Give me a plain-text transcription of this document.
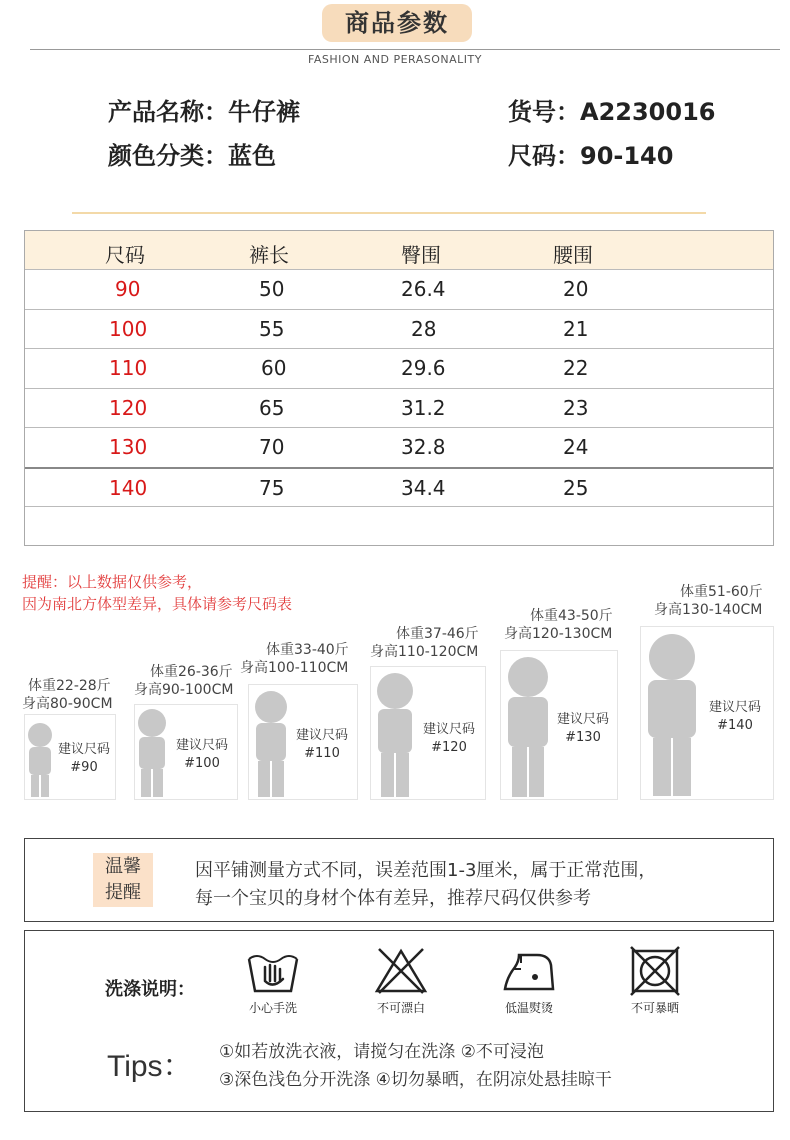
商品参数
FASHION AND PERASONALITY
产品名称：牛仔裤
颜色分类：蓝色
货号：A2230016
尺码：90-140
尺码	裤长	臀围	腰围
90	50	26.4	20
100	55	28	21
110	60	29.6	22
120	65	31.2	23
130	70	32.8	24
140	75	34.4	25
提醒：以上数据仅供参考，
因为南北方体型差异，具体请参考尺码表
体重22-28斤
身高80-90CM
建议尺码
#90
体重26-36斤
身高90-100CM
建议尺码
#100
体重33-40斤
身高100-110CM
建议尺码
#110
体重37-46斤
身高110-120CM
建议尺码
#120
体重43-50斤
身高120-130CM
建议尺码
#130
体重51-60斤
身高130-140CM
建议尺码
#140
温馨
提醒
因平铺测量方式不同，误差范围1-3厘米，属于正常范围，
每一个宝贝的身材个体有差异，推荐尺码仅供参考
洗涤说明：
小心手洗	不可漂白	低温熨烫	不可暴晒
Tips： ①如若放洗衣液，请搅匀在洗涤 ②不可浸泡
③深色浅色分开洗涤 ④切勿暴晒，在阴凉处悬挂晾干
